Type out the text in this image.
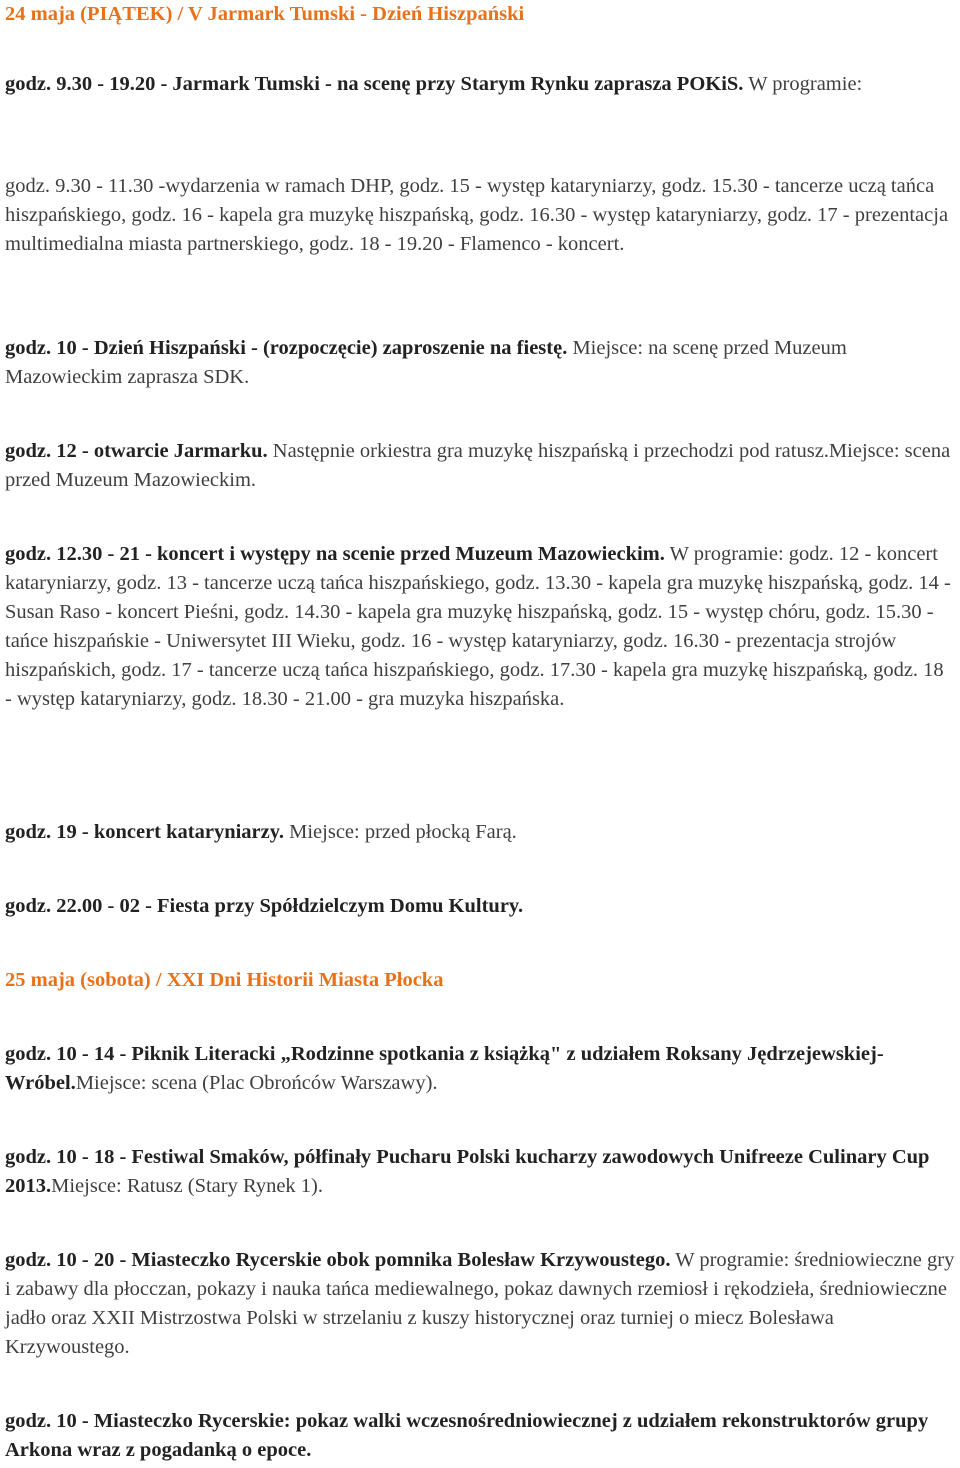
24 maja (PIĄTEK) / V Jarmark Tumski - Dzień Hiszpański

godz. 9.30 - 19.20 - Jarmark Tumski - na scenę przy Starym Rynku zaprasza POKiS. W programie:

godz. 9.30 - 11.30 -wydarzenia w ramach DHP, godz. 15 - występ kataryniarzy, godz. 15.30 - tancerze uczą tańca hiszpańskiego, godz. 16 - kapela gra muzykę hiszpańską, godz. 16.30 - występ kataryniarzy, godz. 17 - prezentacja multimedialna miasta partnerskiego, godz. 18 - 19.20 - Flamenco - koncert.

godz. 10 - Dzień Hiszpański - (rozpoczęcie) zaproszenie na fiestę. Miejsce: na scenę przed Muzeum Mazowieckim zaprasza SDK.

godz. 12 - otwarcie Jarmarku. Następnie orkiestra gra muzykę hiszpańską i przechodzi pod ratusz.Miejsce: scena przed Muzeum Mazowieckim.

godz. 12.30 - 21 - koncert i występy na scenie przed Muzeum Mazowieckim. W programie: godz. 12 - koncert kataryniarzy, godz. 13 - tancerze uczą tańca hiszpańskiego, godz. 13.30 - kapela gra muzykę hiszpańską, godz. 14 - Susan Raso - koncert Pieśni, godz. 14.30 - kapela gra muzykę hiszpańską, godz. 15 - występ chóru, godz. 15.30 -tańce hiszpańskie - Uniwersytet III Wieku, godz. 16 - występ kataryniarzy, godz. 16.30 - prezentacja strojów hiszpańskich, godz. 17 - tancerze uczą tańca hiszpańskiego, godz. 17.30 - kapela gra muzykę hiszpańską, godz. 18 - występ kataryniarzy, godz. 18.30 - 21.00 - gra muzyka hiszpańska.

godz. 19 - koncert kataryniarzy. Miejsce: przed płocką Farą.

godz. 22.00 - 02 - Fiesta przy Spółdzielczym Domu Kultury.

25 maja (sobota) / XXI Dni Historii Miasta Płocka

godz. 10 - 14 - Piknik Literacki „Rodzinne spotkania z książką" z udziałem Roksany Jędrzejewskiej-Wróbel.Miejsce: scena (Plac Obrońców Warszawy).

godz. 10 - 18 - Festiwal Smaków, półfinały Pucharu Polski kucharzy zawodowych Unifreeze Culinary Cup 2013.Miejsce: Ratusz (Stary Rynek 1).

godz. 10 - 20 - Miasteczko Rycerskie obok pomnika Bolesław Krzywoustego. W programie: średniowieczne gry i zabawy dla płocczan, pokazy i nauka tańca mediewalnego, pokaz dawnych rzemiosł i rękodzieła, średniowieczne jadło oraz XXII Mistrzostwa Polski w strzelaniu z kuszy historycznej oraz turniej o miecz Bolesława Krzywoustego.

godz. 10 - Miasteczko Rycerskie: pokaz walki wczesnośredniowiecznej z udziałem rekonstruktorów grupy Arkona wraz z pogadanką o epoce.
